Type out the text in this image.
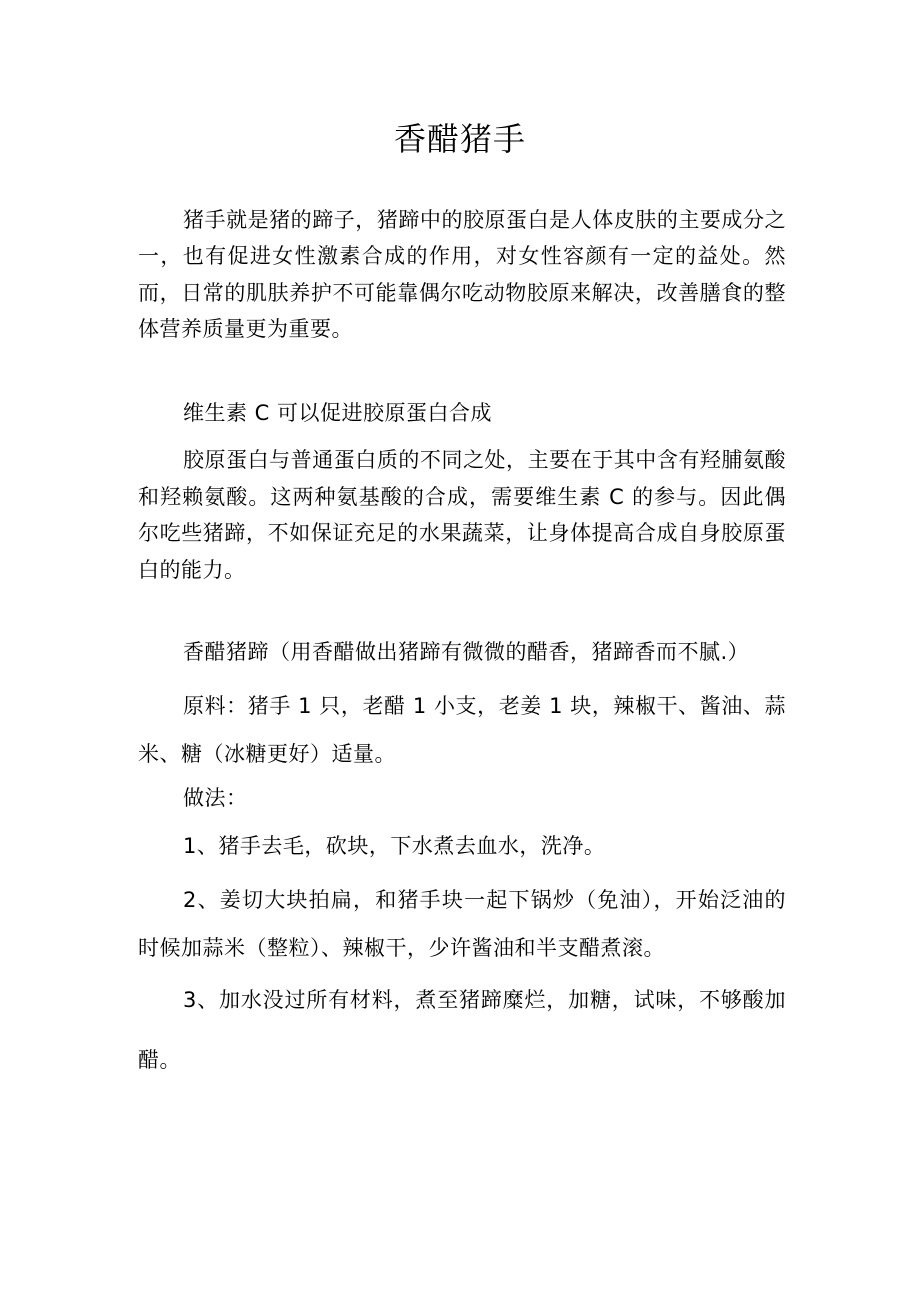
香醋猪手
猪手就是猪的蹄子，猪蹄中的胶原蛋白是人体皮肤的主要成分之一，也有促进女性激素合成的作用，对女性容颜有一定的益处。然而，日常的肌肤养护不可能靠偶尔吃动物胶原来解决，改善膳食的整体营养质量更为重要。
维生素 C 可以促进胶原蛋白合成
胶原蛋白与普通蛋白质的不同之处，主要在于其中含有羟脯氨酸和羟赖氨酸。这两种氨基酸的合成，需要维生素 C 的参与。因此偶尔吃些猪蹄，不如保证充足的水果蔬菜，让身体提高合成自身胶原蛋白的能力。
香醋猪蹄（用香醋做出猪蹄有微微的醋香，猪蹄香而不腻.）
原料：猪手 1 只，老醋 1 小支，老姜 1 块，辣椒干、酱油、蒜米、糖（冰糖更好）适量。
做法：
1、猪手去毛，砍块，下水煮去血水，洗净。
2、姜切大块拍扁，和猪手块一起下锅炒（免油），开始泛油的时候加蒜米（整粒）、辣椒干，少许酱油和半支醋煮滚。
3、加水没过所有材料，煮至猪蹄糜烂，加糖，试味，不够酸加醋。
